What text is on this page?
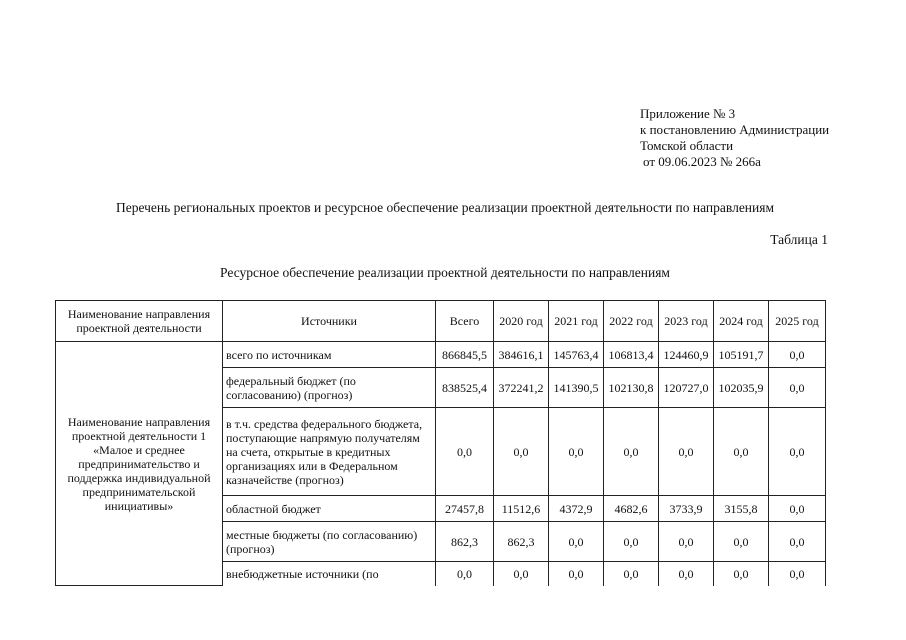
Приложение № 3
к постановлению Администрации
Томской области
от 09.06.2023 № 266а
Перечень региональных проектов и ресурсное обеспечение реализации проектной деятельности по направлениям
Таблица 1
Ресурсное обеспечение реализации проектной деятельности по направлениям
Наименование направления проектной деятельности	Источники	Всего	2020 год	2021 год	2022 год	2023 год	2024 год	2025 год
Наименование направления проектной деятельности 1 «Малое и среднее предпринимательство и поддержка индивидуальной предпринимательской инициативы»	всего по источникам	866845,5	384616,1	145763,4	106813,4	124460,9	105191,7	0,0
	федеральный бюджет (по согласованию) (прогноз)	838525,4	372241,2	141390,5	102130,8	120727,0	102035,9	0,0
	в т.ч. средства федерального бюджета, поступающие напрямую получателям на счета, открытые в кредитных организациях или в Федеральном казначействе (прогноз)	0,0	0,0	0,0	0,0	0,0	0,0	0,0
	областной бюджет	27457,8	11512,6	4372,9	4682,6	3733,9	3155,8	0,0
	местные бюджеты (по согласованию) (прогноз)	862,3	862,3	0,0	0,0	0,0	0,0	0,0
	внебюджетные источники (по	0,0	0,0	0,0	0,0	0,0	0,0	0,0
